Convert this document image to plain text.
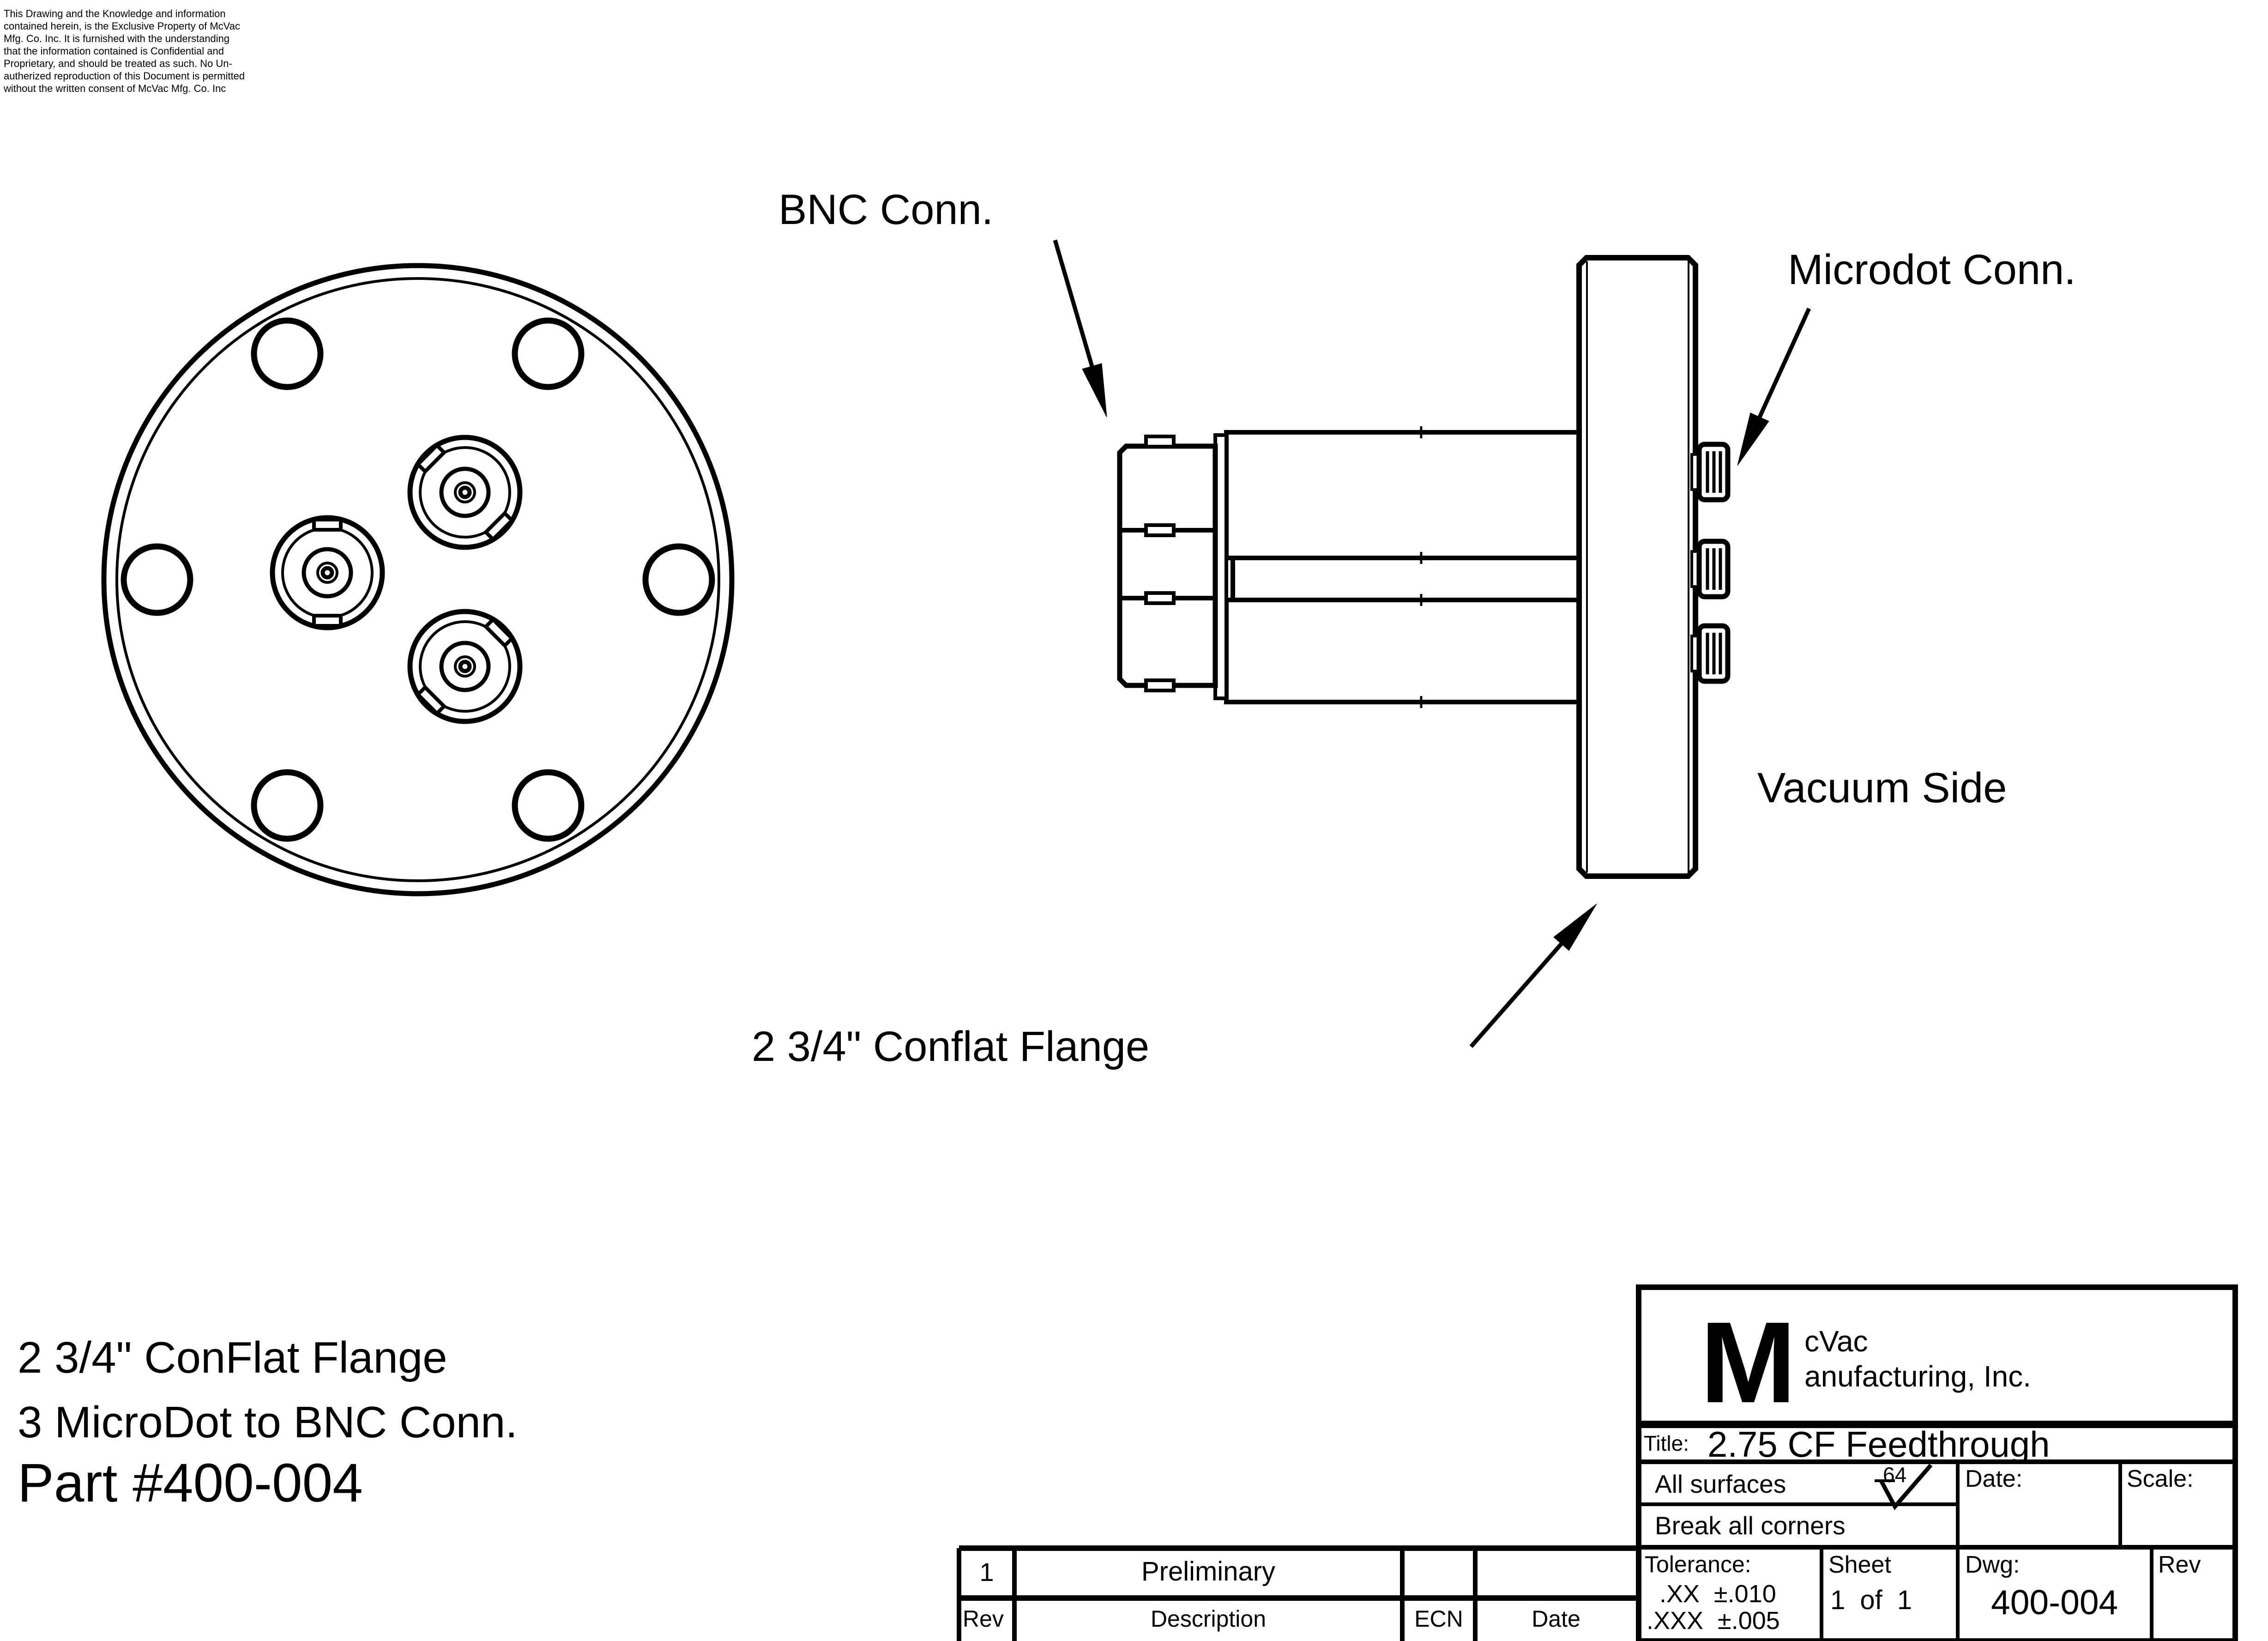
This Drawing and the Knowledge and information
contained herein, is the Exclusive Property of McVac
Mfg. Co. Inc. It is furnished with the understanding
that the information contained is Confidential and
Proprietary, and should be treated as such. No Un-
autherized reproduction of this Document is permitted
without the written consent of McVac Mfg. Co. Inc
BNC Conn.
Microdot Conn.
Vacuum Side
2 3/4" Conflat Flange
2 3/4" ConFlat Flange
3 MicroDot to BNC Conn.
Part #400-004
M cVac
anufacturing, Inc.
Title: 2.75 CF Feedthrough
All surfaces	64
Break all corners
Date:	Scale:
Tolerance:
.XX ±.010
.XXX ±.005
Sheet
1 of 1
Dwg:
400-004
Rev
1	Preliminary
Rev	Description	ECN	Date
